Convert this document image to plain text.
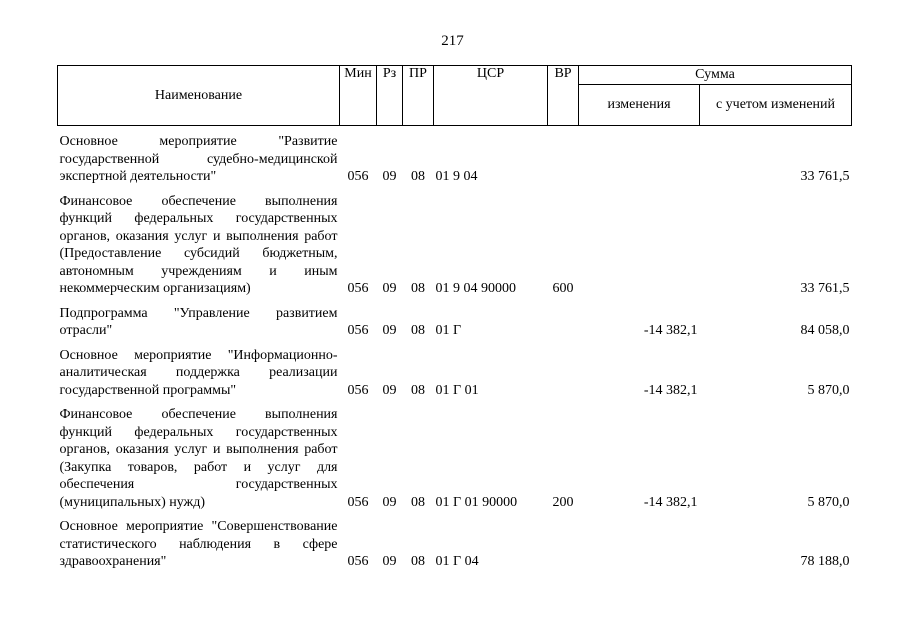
217
Наименование	Мин	Рз	ПР	ЦСР	ВР	Сумма	
						изменения	с учетом изменений
Основное мероприятие "Развитие государственной судебно-медицинской экспертной деятельности"	056	09	08	01 9 04			33 761,5
Финансовое обеспечение выполнения функций федеральных государственных органов, оказания услуг и выполнения работ (Предоставление субсидий бюджетным, автономным учреждениям и иным некоммерческим организациям)	056	09	08	01 9 04 90000	600		33 761,5
Подпрограмма "Управление развитием отрасли"	056	09	08	01 Г		-14 382,1	84 058,0
Основное мероприятие "Информационно-аналитическая поддержка реализации государственной программы"	056	09	08	01 Г 01		-14 382,1	5 870,0
Финансовое обеспечение выполнения функций федеральных государственных органов, оказания услуг и выполнения работ (Закупка товаров, работ и услуг для обеспечения государственных (муниципальных) нужд)	056	09	08	01 Г 01 90000	200	-14 382,1	5 870,0
Основное мероприятие "Совершенствование статистического наблюдения в сфере здравоохранения"	056	09	08	01 Г 04			78 188,0
